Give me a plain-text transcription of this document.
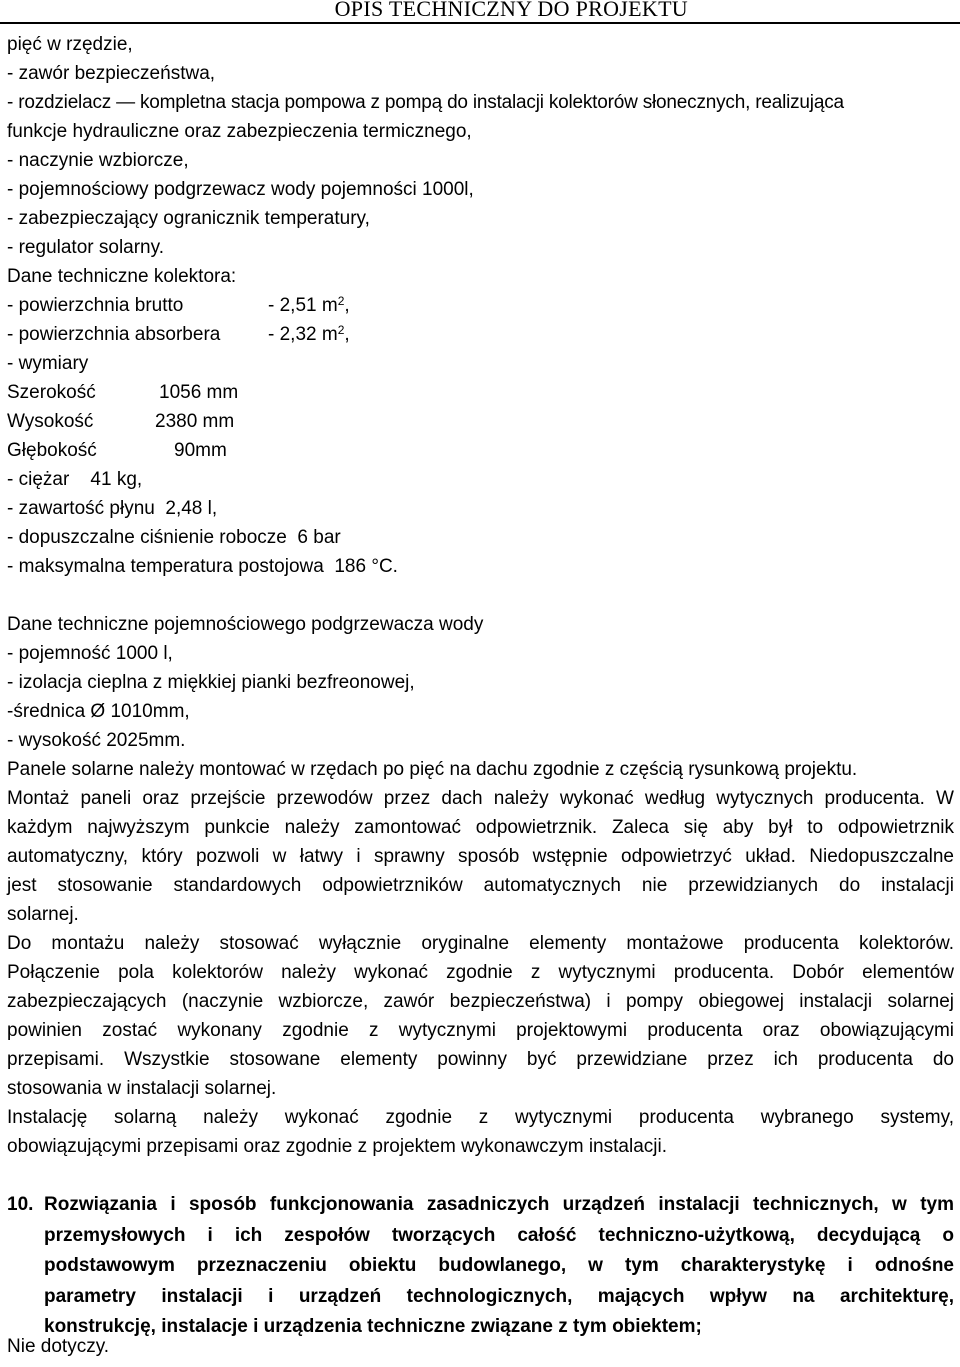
OPIS TECHNICZNY DO PROJEKTU
pięć w rzędzie,
- zawór bezpieczeństwa,
- rozdzielacz — kompletna stacja pompowa z pompą do instalacji kolektorów słonecznych, realizująca
funkcje hydrauliczne oraz zabezpieczenia termicznego,
- naczynie wzbiorcze,
- pojemnościowy podgrzewacz wody pojemności 1000l,
- zabezpieczający ogranicznik temperatury,
- regulator solarny.
Dane techniczne kolektora:
- powierzchnia brutto	- 2,51 $m^2$,
- powierzchnia absorbera	- 2,32 $m^2$,
- wymiary
Szerokość	1056 mm
Wysokość	2380 mm
Głębokość	90mm
- ciężar    41 kg,
- zawartość płynu  2,48 l,
- dopuszczalne ciśnienie robocze  6 bar
- maksymalna temperatura postojowa  186 °C.
Dane techniczne pojemnościowego podgrzewacza wody
- pojemność 1000 l,
- izolacja cieplna z miękkiej pianki bezfreonowej,
-średnica Ø 1010mm,
- wysokość 2025mm.
Panele solarne należy montować w rzędach po pięć na dachu zgodnie z częścią rysunkową projektu.
Montaż paneli oraz przejście przewodów przez dach należy wykonać według wytycznych producenta. W
każdym najwyższym punkcie należy zamontować odpowietrznik. Zaleca się aby był to odpowietrznik
automatyczny, który pozwoli w łatwy i sprawny sposób wstępnie odpowietrzyć układ. Niedopuszczalne
jest stosowanie standardowych odpowietrzników automatycznych nie przewidzianych do instalacji
solarnej.
Do montażu należy stosować wyłącznie oryginalne elementy montażowe producenta kolektorów.
Połączenie pola kolektorów należy wykonać zgodnie z wytycznymi producenta. Dobór elementów
zabezpieczających (naczynie wzbiorcze, zawór bezpieczeństwa) i pompy obiegowej instalacji solarnej
powinien zostać wykonany zgodnie z wytycznymi projektowymi producenta oraz obowiązującymi
przepisami. Wszystkie stosowane elementy powinny być przewidziane przez ich producenta do
stosowania w instalacji solarnej.
Instalację solarną należy wykonać zgodnie z wytycznymi producenta wybranego systemy,
obowiązującymi przepisami oraz zgodnie z projektem wykonawczym instalacji.
10. Rozwiązania i sposób funkcjonowania zasadniczych urządzeń instalacji technicznych, w tym
przemysłowych i ich zespołów tworzących całość techniczno-użytkową, decydującą o
podstawowym przeznaczeniu obiektu budowlanego, w tym charakterystykę i odnośne
parametry instalacji i urządzeń technologicznych, mających wpływ na architekturę,
konstrukcję, instalacje i urządzenia techniczne związane z tym obiektem;
Nie dotyczy.
